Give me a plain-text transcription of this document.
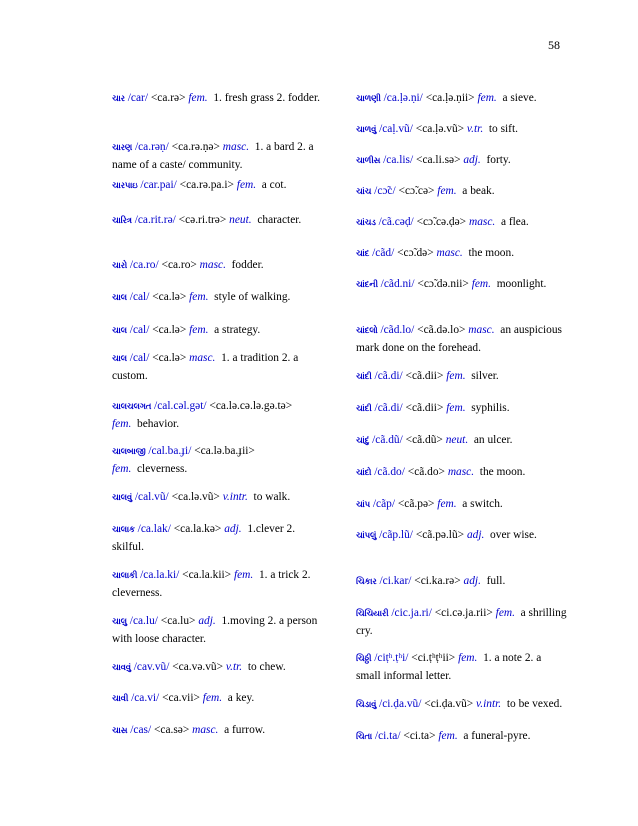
58
ચાર /car/ <ca.rə> fem. 1. fresh grass 2. fodder.
ચારણ /ca.rəṇ/ <ca.rə.ṇə> masc. 1. a bard 2. a name of a caste/ community.
ચારપાઇ /car.pai/ <ca.rə.pa.i> fem. a cot.
ચારિત્ર /ca.rit.rə/ <cə.ri.trə> neut. character.
ચારો /ca.ro/ <ca.ro> masc. fodder.
ચાલ /cal/ <ca.lə> fem. style of walking.
ચાલ /cal/ <ca.lə> fem. a strategy.
ચાલ /cal/ <ca.lə> masc. 1. a tradition 2. a custom.
ચાલચલગત /cal.cəl.gət/ <ca.lə.cə.lə.gə.tə> fem. behavior.
ચાલબાજી /cal.ba.ɟi/ <ca.lə.ba.ɟii> fem. cleverness.
ચાલવું /cal.vũ/ <ca.lə.vũ> v.intr. to walk.
ચાલાક /ca.lak/ <ca.la.kə> adj. 1.clever 2. skilful.
ચાલાકી /ca.la.ki/ <ca.la.kii> fem. 1. a trick 2. cleverness.
ચાલુ /ca.lu/ <ca.lu> adj. 1.moving 2. a person with loose character.
ચાવવું /cav.vũ/ <ca.və.vũ> v.tr. to chew.
ચાવી /ca.vi/ <ca.vii> fem. a key.
ચાસ /cas/ <ca.sə> masc. a furrow.
ચાળણી /ca.ḷə.ṇi/ <ca.ḷə.ṇii> fem. a sieve.
ચાળવું /caḷ.vũ/ <ca.ḷə.vũ> v.tr. to sift.
ચાળીસ /ca.lis/ <ca.li.sə> adj. forty.
ચાંચ /cɔ̃c/ <cɔ̃.cə> fem. a beak.
ચાંચડ /cã.cəḍ/ <cɔ̃.cə.ḍə> masc. a flea.
ચાંદ /cãd/ <cɔ̃.də> masc. the moon.
ચાંદની /cãd.ni/ <cɔ̃.də.nii> fem. moonlight.
ચાંદલો /cãd.lo/ <cã.də.lo> masc. an auspicious mark done on the forehead.
ચાંદી /cã.di/ <cã.dii> fem. silver.
ચાંદી /cã.di/ <cã.dii> fem. syphilis.
ચાંદું /cã.dũ/ <cã.dũ> neut. an ulcer.
ચાંદો /cã.do/ <cã.do> masc. the moon.
ચાંપ /cãp/ <cã.pə> fem. a switch.
ચાંપલું /cãp.lũ/ <cã.pə.lũ> adj. over wise.
ચિકાર /ci.kar/ <ci.ka.rə> adj. full.
ચિચિયારી /cic.ja.ri/ <ci.cə.ja.rii> fem. a shrilling cry.
ચિઠ્ઠી /ciṭʰ.ṭʰi/ <ci.ṭʰṭʰii> fem. 1. a note 2. a small informal letter.
ચિડાવું /ci.ḍa.vũ/ <ci.ḍa.vũ> v.intr. to be vexed.
ચિતા /ci.ta/ <ci.ta> fem. a funeral-pyre.
